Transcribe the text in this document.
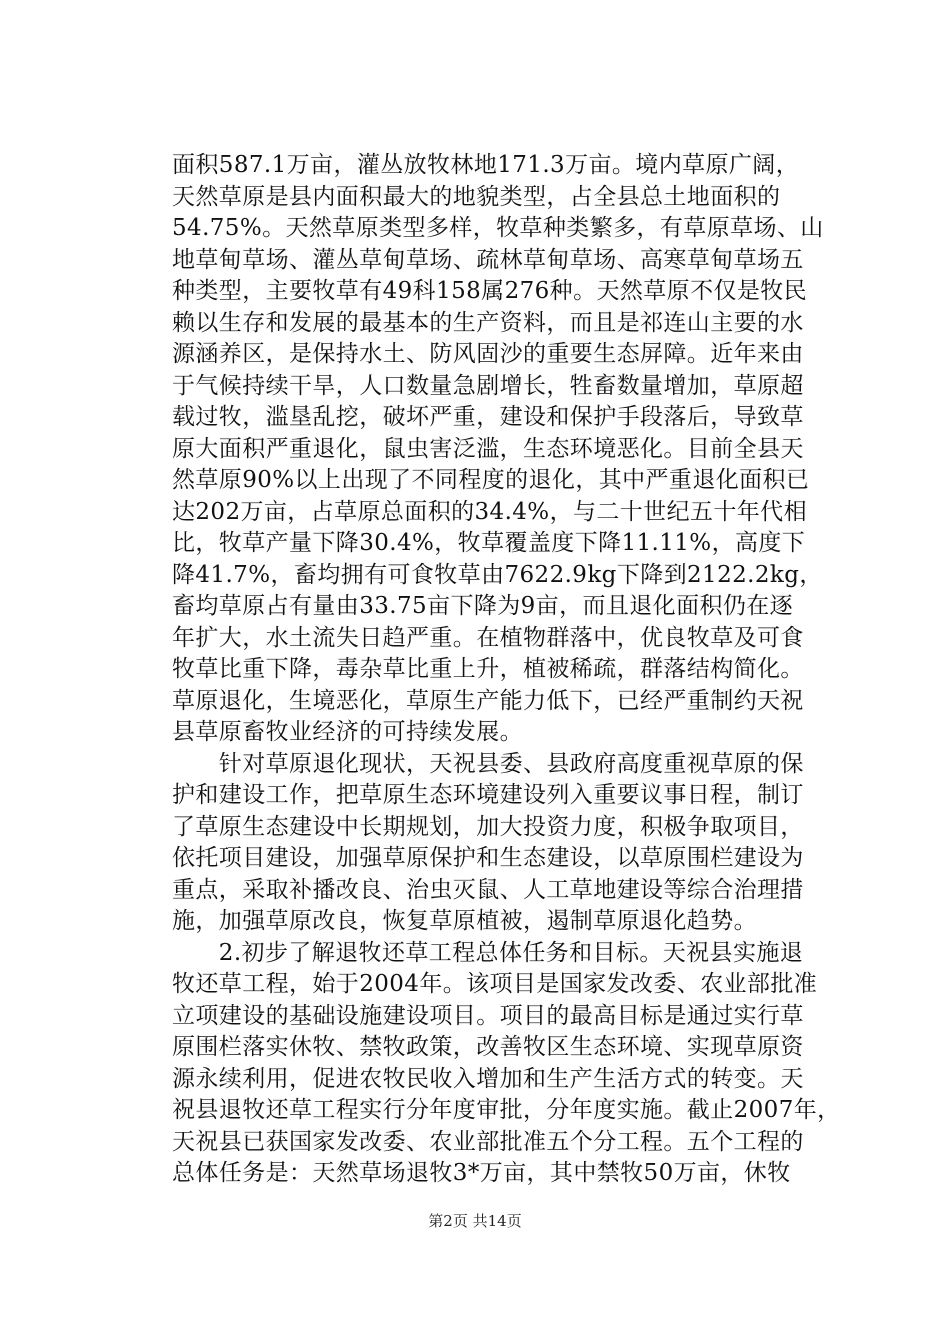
面积587.1万亩，灌丛放牧林地171.3万亩。境内草原广阔，
天然草原是县内面积最大的地貌类型，占全县总土地面积的
54.75%。天然草原类型多样，牧草种类繁多，有草原草场、山
地草甸草场、灌丛草甸草场、疏林草甸草场、高寒草甸草场五
种类型，主要牧草有49科158属276种。天然草原不仅是牧民
赖以生存和发展的最基本的生产资料，而且是祁连山主要的水
源涵养区，是保持水土、防风固沙的重要生态屏障。近年来由
于气候持续干旱，人口数量急剧增长，牲畜数量增加，草原超
载过牧，滥垦乱挖，破坏严重，建设和保护手段落后，导致草
原大面积严重退化，鼠虫害泛滥，生态环境恶化。目前全县天
然草原90%以上出现了不同程度的退化，其中严重退化面积已
达202万亩，占草原总面积的34.4%，与二十世纪五十年代相
比，牧草产量下降30.4%，牧草覆盖度下降11.11%，高度下
降41.7%，畜均拥有可食牧草由7622.9kg下降到2122.2kg，
畜均草原占有量由33.75亩下降为9亩，而且退化面积仍在逐
年扩大，水土流失日趋严重。在植物群落中，优良牧草及可食
牧草比重下降，毒杂草比重上升，植被稀疏，群落结构简化。
草原退化，生境恶化，草原生产能力低下，已经严重制约天祝
县草原畜牧业经济的可持续发展。
　　针对草原退化现状，天祝县委、县政府高度重视草原的保
护和建设工作，把草原生态环境建设列入重要议事日程，制订
了草原生态建设中长期规划，加大投资力度，积极争取项目，
依托项目建设，加强草原保护和生态建设，以草原围栏建设为
重点，采取补播改良、治虫灭鼠、人工草地建设等综合治理措
施，加强草原改良，恢复草原植被，遏制草原退化趋势。
　　2.初步了解退牧还草工程总体任务和目标。天祝县实施退
牧还草工程，始于2004年。该项目是国家发改委、农业部批准
立项建设的基础设施建设项目。项目的最高目标是通过实行草
原围栏落实休牧、禁牧政策，改善牧区生态环境、实现草原资
源永续利用，促进农牧民收入增加和生产生活方式的转变。天
祝县退牧还草工程实行分年度审批，分年度实施。截止2007年，
天祝县已获国家发改委、农业部批准五个分工程。五个工程的
总体任务是：天然草场退牧3*万亩，其中禁牧50万亩，休牧
第2页 共14页
